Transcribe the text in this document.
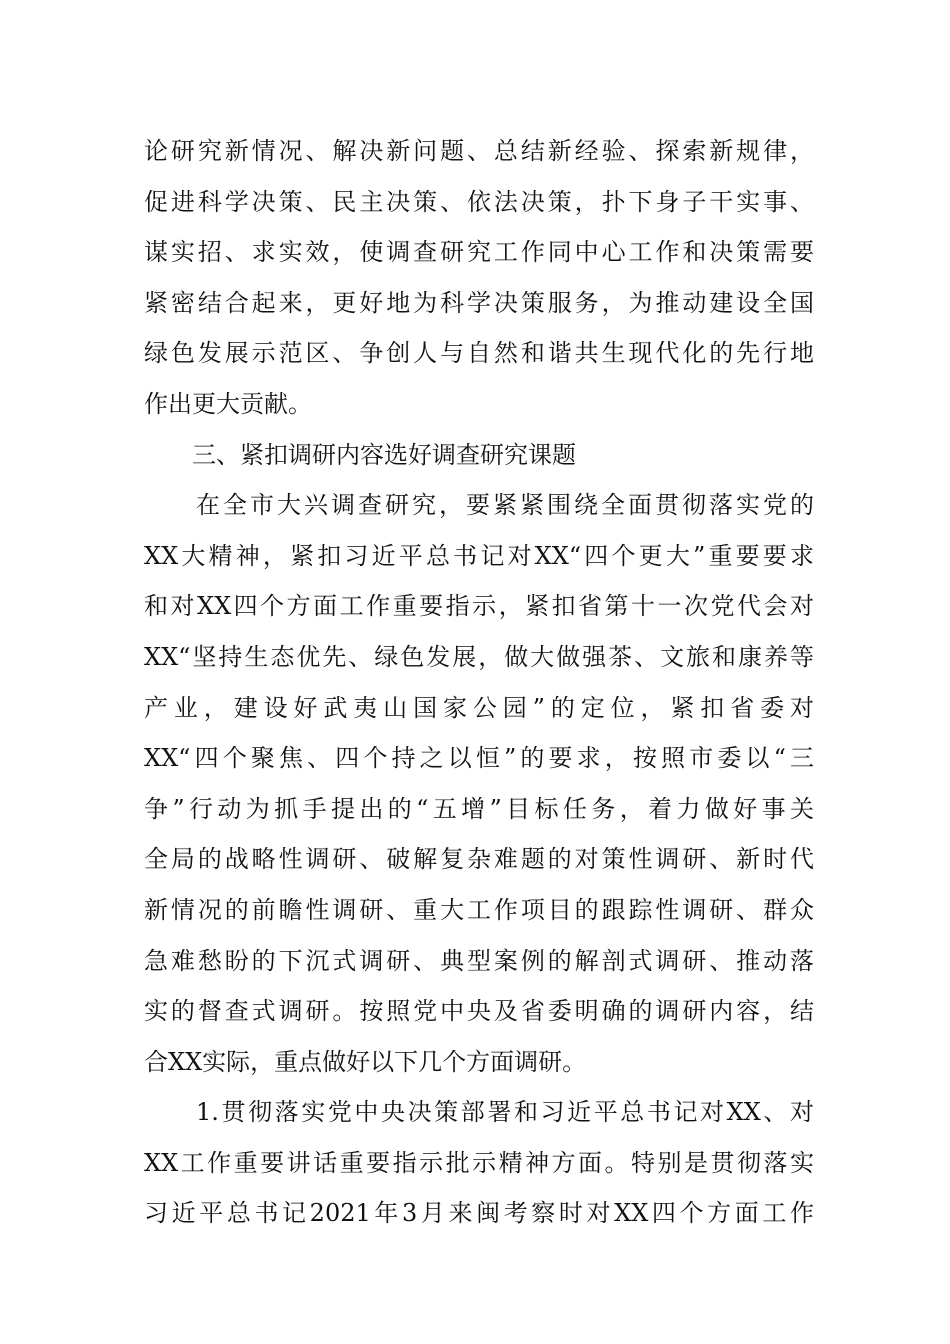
论研究新情况、解决新问题、总结新经验、探索新规律，
促进科学决策、民主决策、依法决策，扑下身子干实事、
谋实招、求实效，使调查研究工作同中心工作和决策需要
紧密结合起来，更好地为科学决策服务，为推动建设全国
绿色发展示范区、争创人与自然和谐共生现代化的先行地
作出更大贡献。
三、紧扣调研内容选好调查研究课题
在全市大兴调查研究，要紧紧围绕全面贯彻落实党的
XX大精神，紧扣习近平总书记对XX“四个更大”重要要求
和对XX四个方面工作重要指示，紧扣省第十一次党代会对
XX“坚持生态优先、绿色发展，做大做强茶、文旅和康养等
产业，建设好武夷山国家公园”的定位，紧扣省委对
XX“四个聚焦、四个持之以恒”的要求，按照市委以“三
争”行动为抓手提出的“五增”目标任务，着力做好事关
全局的战略性调研、破解复杂难题的对策性调研、新时代
新情况的前瞻性调研、重大工作项目的跟踪性调研、群众
急难愁盼的下沉式调研、典型案例的解剖式调研、推动落
实的督查式调研。按照党中央及省委明确的调研内容，结
合XX实际，重点做好以下几个方面调研。
1.贯彻落实党中央决策部署和习近平总书记对XX、对
XX工作重要讲话重要指示批示精神方面。特别是贯彻落实
习近平总书记2021年3月来闽考察时对XX四个方面工作
